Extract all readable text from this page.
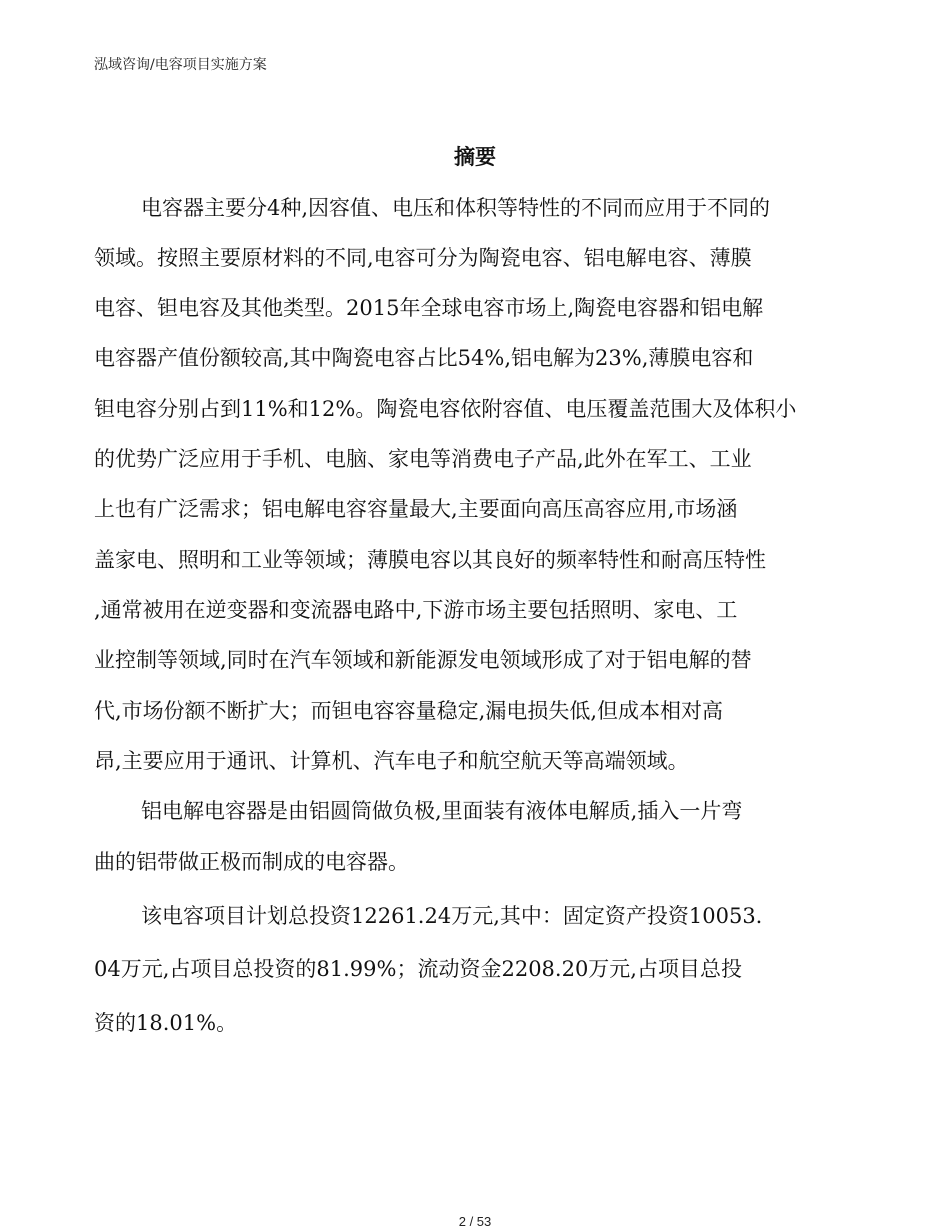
泓域咨询/电容项目实施方案
摘要
电容器主要分4种,因容值、电压和体积等特性的不同而应用于不同的
领域。按照主要原材料的不同,电容可分为陶瓷电容、铝电解电容、薄膜
电容、钽电容及其他类型。2015年全球电容市场上,陶瓷电容器和铝电解
电容器产值份额较高,其中陶瓷电容占比54%,铝电解为23%,薄膜电容和
钽电容分别占到11%和12%。陶瓷电容依附容值、电压覆盖范围大及体积小
的优势广泛应用于手机、电脑、家电等消费电子产品,此外在军工、工业
上也有广泛需求；铝电解电容容量最大,主要面向高压高容应用,市场涵
盖家电、照明和工业等领域；薄膜电容以其良好的频率特性和耐高压特性
,通常被用在逆变器和变流器电路中,下游市场主要包括照明、家电、工
业控制等领域,同时在汽车领域和新能源发电领域形成了对于铝电解的替
代,市场份额不断扩大；而钽电容容量稳定,漏电损失低,但成本相对高
昂,主要应用于通讯、计算机、汽车电子和航空航天等高端领域。
铝电解电容器是由铝圆筒做负极,里面装有液体电解质,插入一片弯
曲的铝带做正极而制成的电容器。
该电容项目计划总投资12261.24万元,其中：固定资产投资10053.
04万元,占项目总投资的81.99%；流动资金2208.20万元,占项目总投
资的18.01%。
2 / 53
